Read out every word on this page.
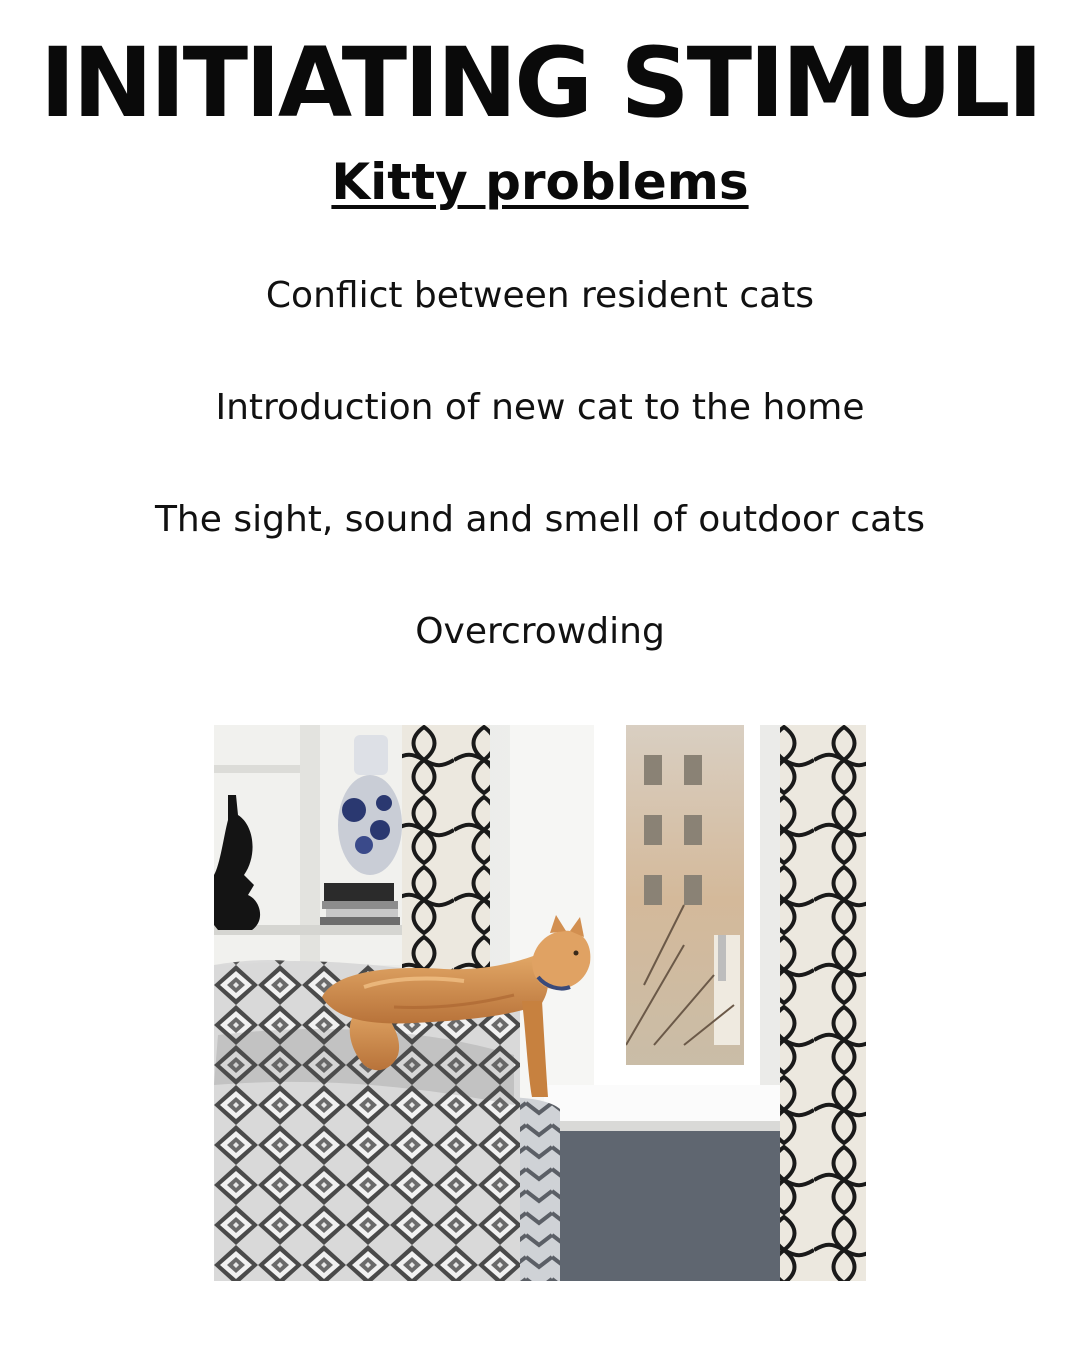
INITIATING STIMULI
Kitty problems

Conflict between resident cats

Introduction of new cat to the home

The sight, sound and smell of outdoor cats

Overcrowding
